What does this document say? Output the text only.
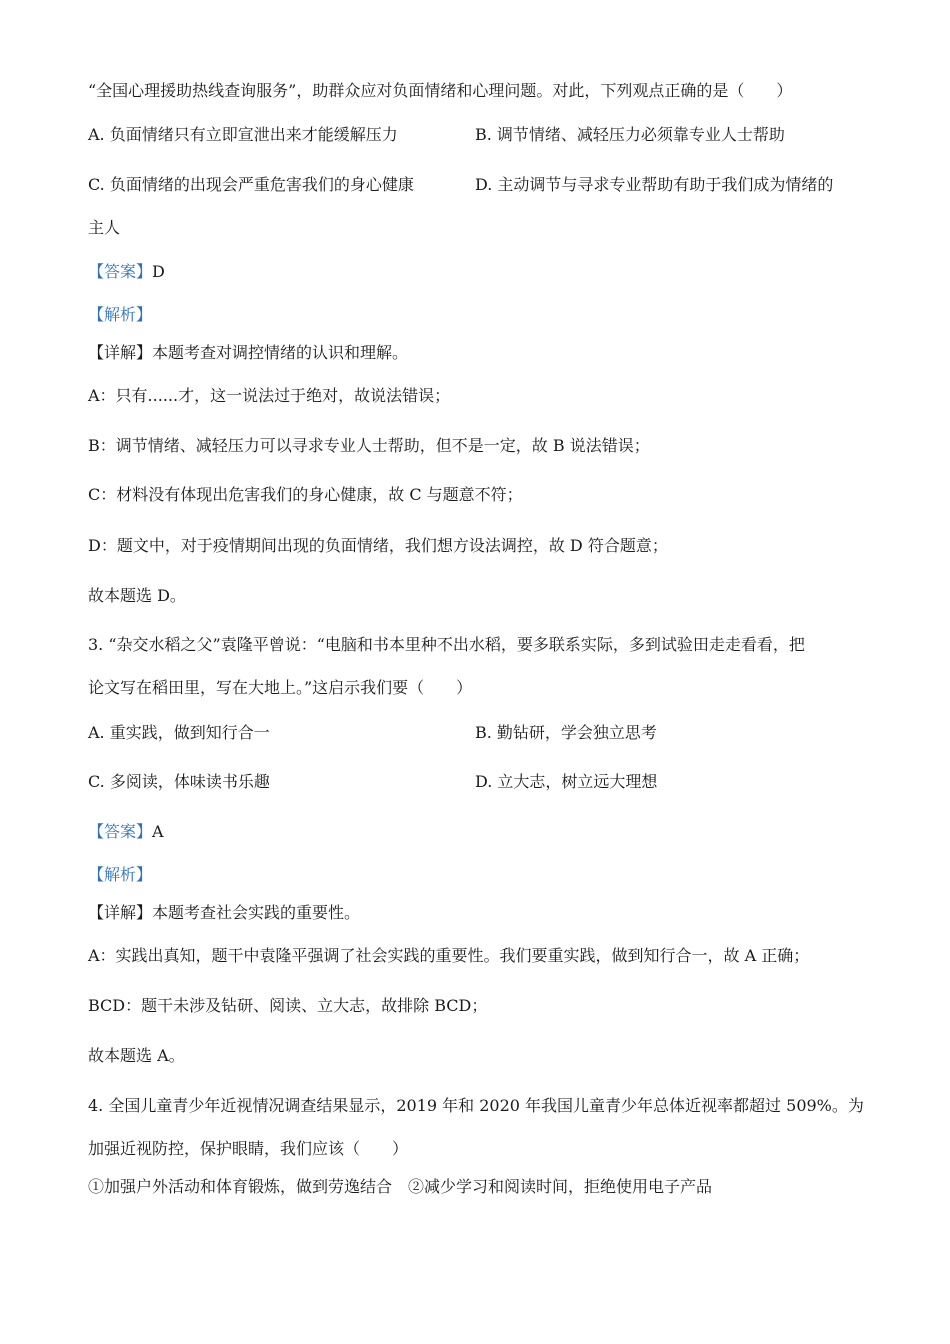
“全国心理援助热线查询服务”，助群众应对负面情绪和心理问题。对此，下列观点正确的是（　　）
A. 负面情绪只有立即宣泄出来才能缓解压力	B. 调节情绪、减轻压力必须靠专业人士帮助
C. 负面情绪的出现会严重危害我们的身心健康	D. 主动调节与寻求专业帮助有助于我们成为情绪的
主人
【答案】D
【解析】
【详解】本题考查对调控情绪的认识和理解。
A：只有......才，这一说法过于绝对，故说法错误；
B：调节情绪、减轻压力可以寻求专业人士帮助，但不是一定，故 B 说法错误；
C：材料没有体现出危害我们的身心健康，故 C 与题意不符；
D：题文中，对于疫情期间出现的负面情绪，我们想方设法调控，故 D 符合题意；
故本题选 D。
3. “杂交水稻之父”袁隆平曾说：“电脑和书本里种不出水稻，要多联系实际，多到试验田走走看看，把
论文写在稻田里，写在大地上。”这启示我们要（　　）
A. 重实践，做到知行合一	B. 勤钻研，学会独立思考
C. 多阅读，体味读书乐趣	D. 立大志，树立远大理想
【答案】A
【解析】
【详解】本题考查社会实践的重要性。
A：实践出真知，题干中袁隆平强调了社会实践的重要性。我们要重实践，做到知行合一，故 A 正确；
BCD：题干未涉及钻研、阅读、立大志，故排除 BCD；
故本题选 A。
4. 全国儿童青少年近视情况调查结果显示，2019 年和 2020 年我国儿童青少年总体近视率都超过 509%。为
加强近视防控，保护眼睛，我们应该（　　）
①加强户外活动和体育锻炼，做到劳逸结合　②减少学习和阅读时间，拒绝使用电子产品
